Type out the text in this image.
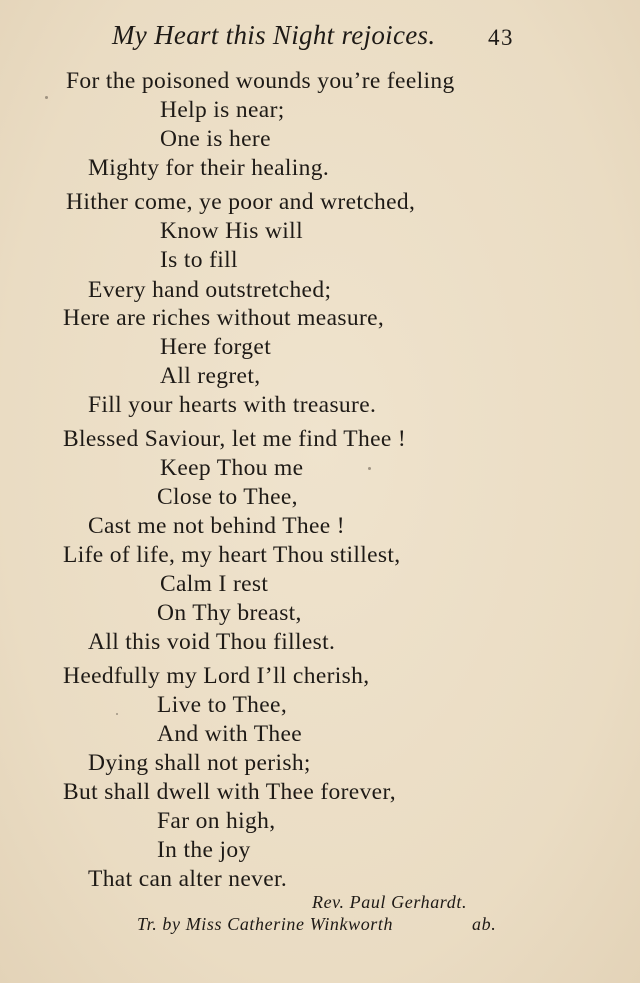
My Heart this Night rejoices. 43
For the poisoned wounds you’re feeling
Help is near;
One is here
Mighty for their healing.
Hither come, ye poor and wretched,
Know His will
Is to fill
Every hand outstretched;
Here are riches without measure,
Here forget
All regret,
Fill your hearts with treasure.
Blessed Saviour, let me find Thee !
Keep Thou me
Close to Thee,
Cast me not behind Thee !
Life of life, my heart Thou stillest,
Calm I rest
On Thy breast,
All this void Thou fillest.
Heedfully my Lord I’ll cherish,
Live to Thee,
And with Thee
Dying shall not perish;
But shall dwell with Thee forever,
Far on high,
In the joy
That can alter never.
Rev. Paul Gerhardt.
Tr. by Miss Catherine Winkworth	ab.
